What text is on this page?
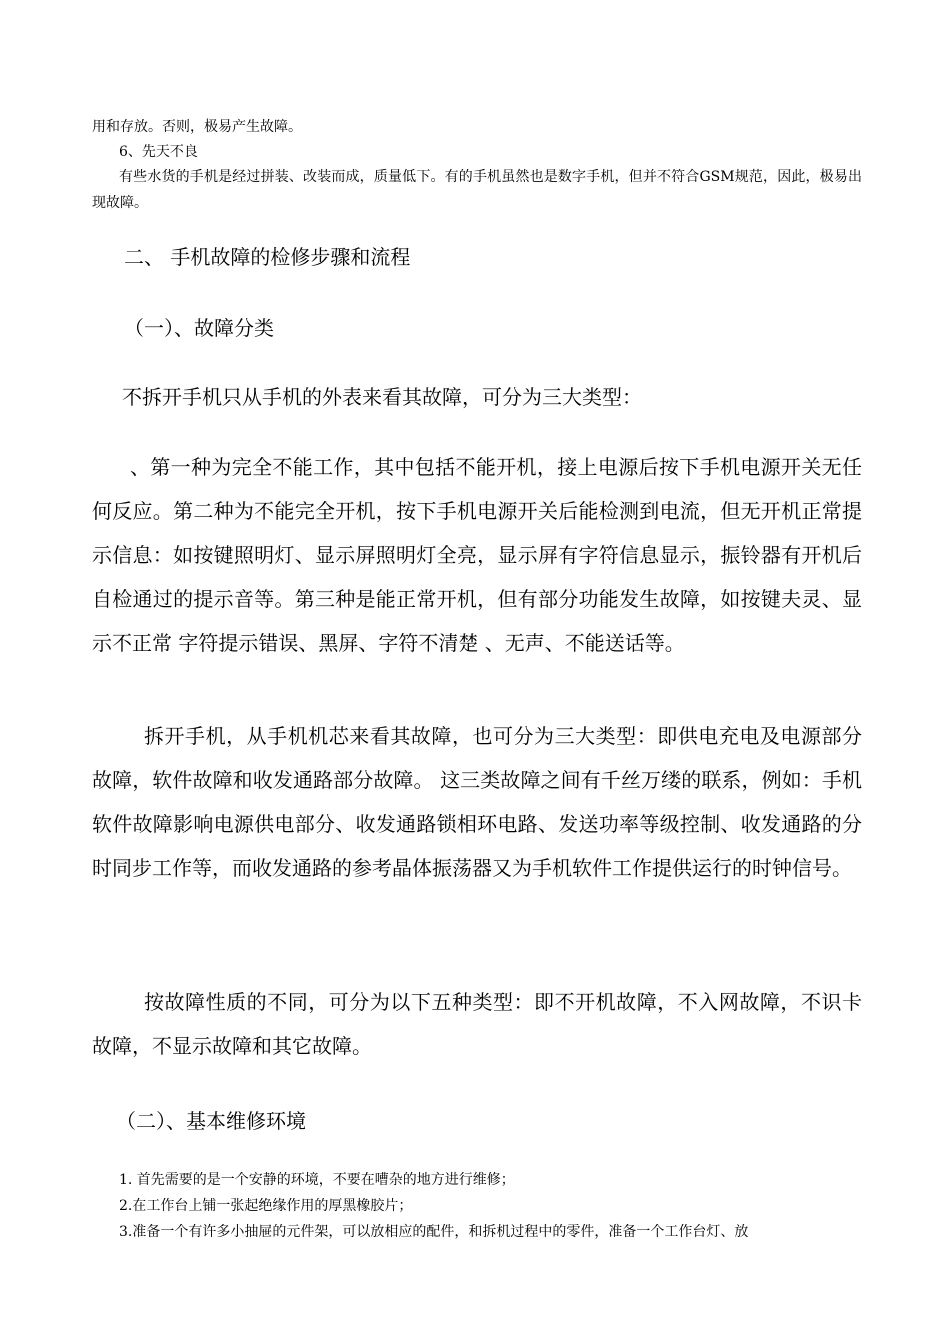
用和存放。否则，极易产生故障。
6、先天不良
有些水货的手机是经过拼装、改装而成，质量低下。有的手机虽然也是数字手机，但并不符合GSM规范，因此，极易出现故障。
二、 手机故障的检修步骤和流程
（一）、故障分类
不拆开手机只从手机的外表来看其故障，可分为三大类型：
、第一种为完全不能工作，其中包括不能开机，接上电源后按下手机电源开关无任何反应。第二种为不能完全开机，按下手机电源开关后能检测到电流，但无开机正常提示信息：如按键照明灯、显示屏照明灯全亮，显示屏有字符信息显示，振铃器有开机后自检通过的提示音等。第三种是能正常开机，但有部分功能发生故障，如按键夫灵、显示不正常 字符提示错误、黑屏、字符不清楚 、无声、不能送话等。
拆开手机，从手机机芯来看其故障，也可分为三大类型：即供电充电及电源部分故障，软件故障和收发通路部分故障。 这三类故障之间有千丝万缕的联系，例如：手机软件故障影响电源供电部分、收发通路锁相环电路、发送功率等级控制、收发通路的分时同步工作等，而收发通路的参考晶体振荡器又为手机软件工作提供运行的时钟信号。
按故障性质的不同，可分为以下五种类型：即不开机故障，不入网故障，不识卡故障，不显示故障和其它故障。
（二）、基本维修环境
1. 首先需要的是一个安静的环境，不要在嘈杂的地方进行维修；
2.在工作台上铺一张起绝缘作用的厚黑橡胶片；
3.准备一个有许多小抽屉的元件架，可以放相应的配件，和拆机过程中的零件，准备一个工作台灯、放
